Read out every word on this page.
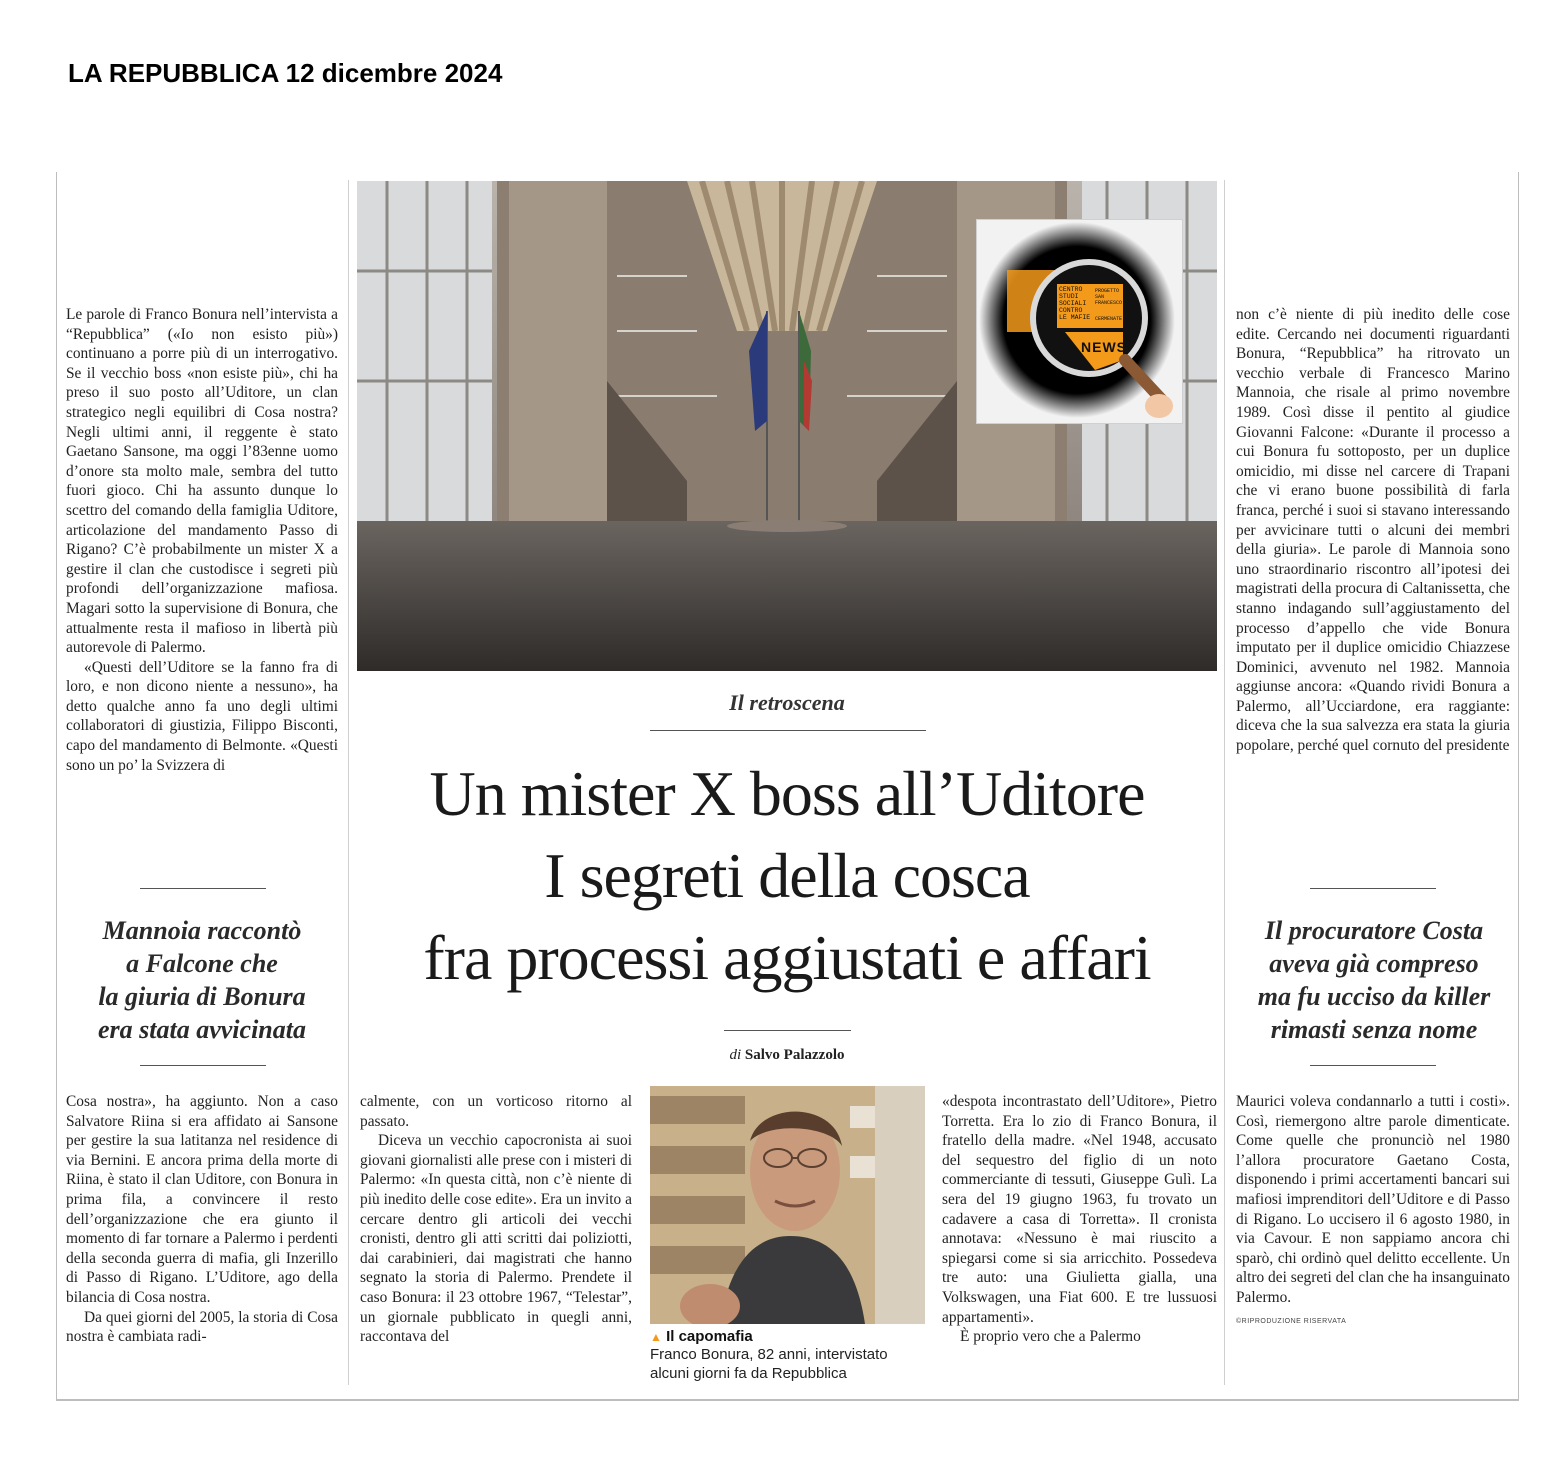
LA REPUBBLICA 12 dicembre 2024
CENTRO
STUDI
SOCIALI
CONTRO
LE MAFIE
PROGETTO
SAN
FRANCESCO
CERMENATE
NEWS

Le parole di Franco Bonura nell’intervista a “Repubblica” («Io non esisto più») continuano a porre più di un interrogativo. Se il vecchio boss «non esiste più», chi ha preso il suo posto all’Uditore, un clan strategico negli equilibri di Cosa nostra? Negli ultimi anni, il reggente è stato Gaetano Sansone, ma oggi l’83enne uomo d’onore sta molto male, sembra del tutto fuori gioco. Chi ha assunto dunque lo scettro del comando della famiglia Uditore, articolazione del mandamento Passo di Rigano? C’è probabilmente un mister X a gestire il clan che custodisce i segreti più profondi dell’organizzazione mafiosa. Magari sotto la supervisione di Bonura, che attualmente resta il mafioso in libertà più autorevole di Palermo.

«Questi dell’Uditore se la fanno fra di loro, e non dicono niente a nessuno», ha detto qualche anno fa uno degli ultimi collaboratori di giustizia, Filippo Bisconti, capo del mandamento di Belmonte. «Questi sono un po’ la Svizzera di

Mannoia raccontò
a Falcone che
la giuria di Bonura
era stata avvicinata

Cosa nostra», ha aggiunto. Non a caso Salvatore Riina si era affidato ai Sansone per gestire la sua latitanza nel residence di via Bernini. E ancora prima della morte di Riina, è stato il clan Uditore, con Bonura in prima fila, a convincere il resto dell’organizzazione che era giunto il momento di far tornare a Palermo i perdenti della seconda guerra di mafia, gli Inzerillo di Passo di Rigano. L’Uditore, ago della bilancia di Cosa nostra.

Da quei giorni del 2005, la storia di Cosa nostra è cambiata radi-

Il retroscena
Un mister X boss all’Uditore
I segreti della cosca
fra processi aggiustati e affari
di Salvo Palazzolo

calmente, con un vorticoso ritorno al passato.

Diceva un vecchio capocronista ai suoi giovani giornalisti alle prese con i misteri di Palermo: «In questa città, non c’è niente di più inedito delle cose edite». Era un invito a cercare dentro gli articoli dei vecchi cronisti, dentro gli atti scritti dai poliziotti, dai carabinieri, dai magistrati che hanno segnato la storia di Palermo. Prendete il caso Bonura: il 23 ottobre 1967, “Telestar”, un giornale pubblicato in quegli anni, raccontava del	▲ Il capomafia
Franco Bonura, 82 anni, intervistato alcuni giorni fa da Repubblica

«despota incontrastato dell’Uditore», Pietro Torretta. Era lo zio di Franco Bonura, il fratello della madre. «Nel 1948, accusato del sequestro del figlio di un noto commerciante di tessuti, Giuseppe Gulì. La sera del 19 giugno 1963, fu trovato un cadavere a casa di Torretta». Il cronista annotava: «Nessuno è mai riuscito a spiegarsi come si sia arricchito. Possedeva tre auto: una Giulietta gialla, una Volkswagen, una Fiat 600. E tre lussuosi appartamenti».

È proprio vero che a Palermo

non c’è niente di più inedito delle cose edite. Cercando nei documenti riguardanti Bonura, “Repubblica” ha ritrovato un vecchio verbale di Francesco Marino Mannoia, che risale al primo novembre 1989. Così disse il pentito al giudice Giovanni Falcone: «Durante il processo a cui Bonura fu sottoposto, per un duplice omicidio, mi disse nel carcere di Trapani che vi erano buone possibilità di farla franca, perché i suoi si stavano interessando per avvicinare tutti o alcuni dei membri della giuria». Le parole di Mannoia sono uno straordinario riscontro all’ipotesi dei magistrati della procura di Caltanissetta, che stanno indagando sull’aggiustamento del processo d’appello che vide Bonura imputato per il duplice omicidio Chiazzese Dominici, avvenuto nel 1982. Mannoia aggiunse ancora: «Quando rividi Bonura a Palermo, all’Ucciardone, era raggiante: diceva che la sua salvezza era stata la giuria popolare, perché quel cornuto del presidente

Il procuratore Costa
aveva già compreso
ma fu ucciso da killer
rimasti senza nome

Maurici voleva condannarlo a tutti i costi». Così, riemergono altre parole dimenticate. Come quelle che pronunciò nel 1980 l’allora procuratore Gaetano Costa, disponendo i primi accertamenti bancari sui mafiosi imprenditori dell’Uditore e di Passo di Rigano. Lo uccisero il 6 agosto 1980, in via Cavour. E non sappiamo ancora chi sparò, chi ordinò quel delitto eccellente. Un altro dei segreti del clan che ha insanguinato Palermo.

©RIPRODUZIONE RISERVATA
